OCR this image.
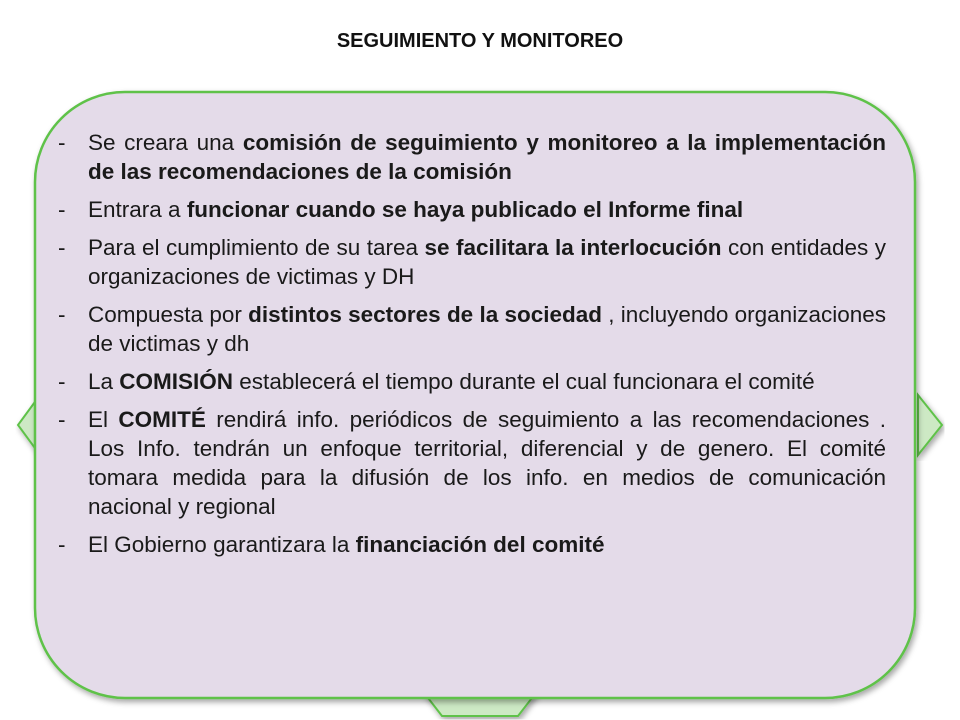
SEGUIMIENTO Y MONITOREO
- Se creara una comisión de seguimiento y monitoreo a la implementación de las recomendaciones de la comisión
- Entrara a funcionar cuando se haya publicado el Informe final
- Para el cumplimiento de su tarea se facilitara la interlocución con entidades y organizaciones de victimas y DH
- Compuesta por distintos sectores de la sociedad , incluyendo organizaciones de victimas y dh
- La COMISIÓN establecerá el tiempo durante el cual funcionara el comité
- El COMITÉ rendirá info. periódicos de seguimiento a las recomendaciones . Los Info. tendrán un enfoque territorial, diferencial y de genero. El comité tomara medida para la difusión de los info. en medios de comunicación nacional y regional
- El Gobierno garantizara la financiación del comité
